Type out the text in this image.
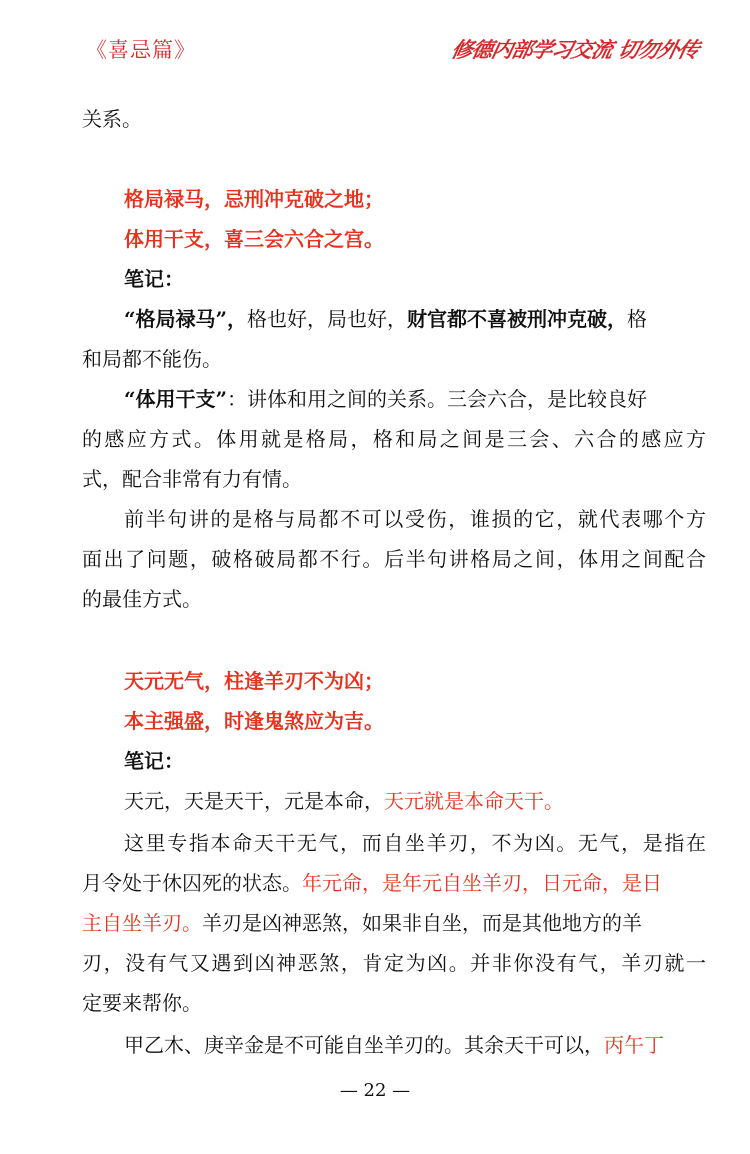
《喜忌篇》	修德内部学习交流 切勿外传
关系。
格局禄马，忌刑冲克破之地；
体用干支，喜三会六合之宫。
笔记：
“格局禄马”，格也好，局也好，财官都不喜被刑冲克破，格
和局都不能伤。
“体用干支”：讲体和用之间的关系。三会六合，是比较良好
的感应方式。体用就是格局，格和局之间是三会、六合的感应方
式，配合非常有力有情。
前半句讲的是格与局都不可以受伤，谁损的它，就代表哪个方
面出了问题，破格破局都不行。后半句讲格局之间，体用之间配合
的最佳方式。
天元无气，柱逢羊刃不为凶；
本主强盛，时逢鬼煞应为吉。
笔记：
天元，天是天干，元是本命，天元就是本命天干。
这里专指本命天干无气，而自坐羊刃，不为凶。无气，是指在
月令处于休囚死的状态。年元命，是年元自坐羊刃，日元命，是日
主自坐羊刃。羊刃是凶神恶煞，如果非自坐，而是其他地方的羊
刃，没有气又遇到凶神恶煞，肯定为凶。并非你没有气，羊刃就一
定要来帮你。
甲乙木、庚辛金是不可能自坐羊刃的。其余天干可以，丙午丁
— 22 —
